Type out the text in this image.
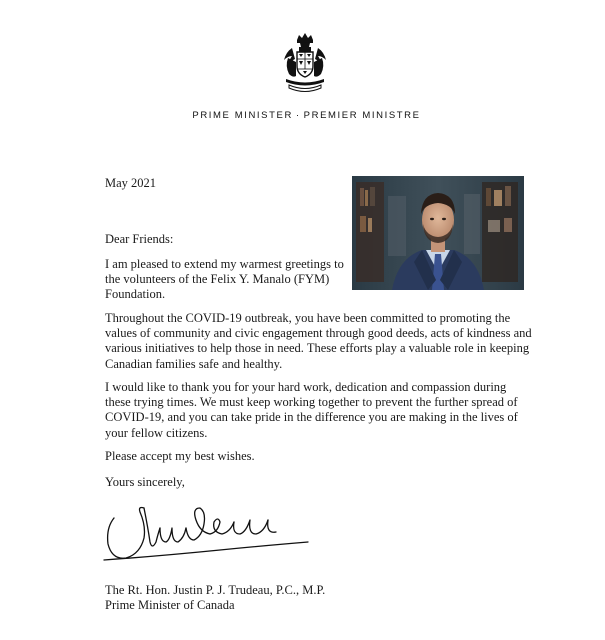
PRIME MINISTER · PREMIER MINISTRE
May 2021
Dear Friends:

I am pleased to extend my warmest greetings to the volunteers of the Felix Y. Manalo (FYM) Foundation.

Throughout the COVID-19 outbreak, you have been committed to promoting the values of community and civic engagement through good deeds, acts of kindness and various initiatives to help those in need. These efforts play a valuable role in keeping Canadian families safe and healthy.

I would like to thank you for your hard work, dedication and compassion during these trying times. We must keep working together to prevent the further spread of COVID-19, and you can take pride in the difference you are making in the lives of your fellow citizens.

Please accept my best wishes.

Yours sincerely,
The Rt. Hon. Justin P. J. Trudeau, P.C., M.P.
Prime Minister of Canada
